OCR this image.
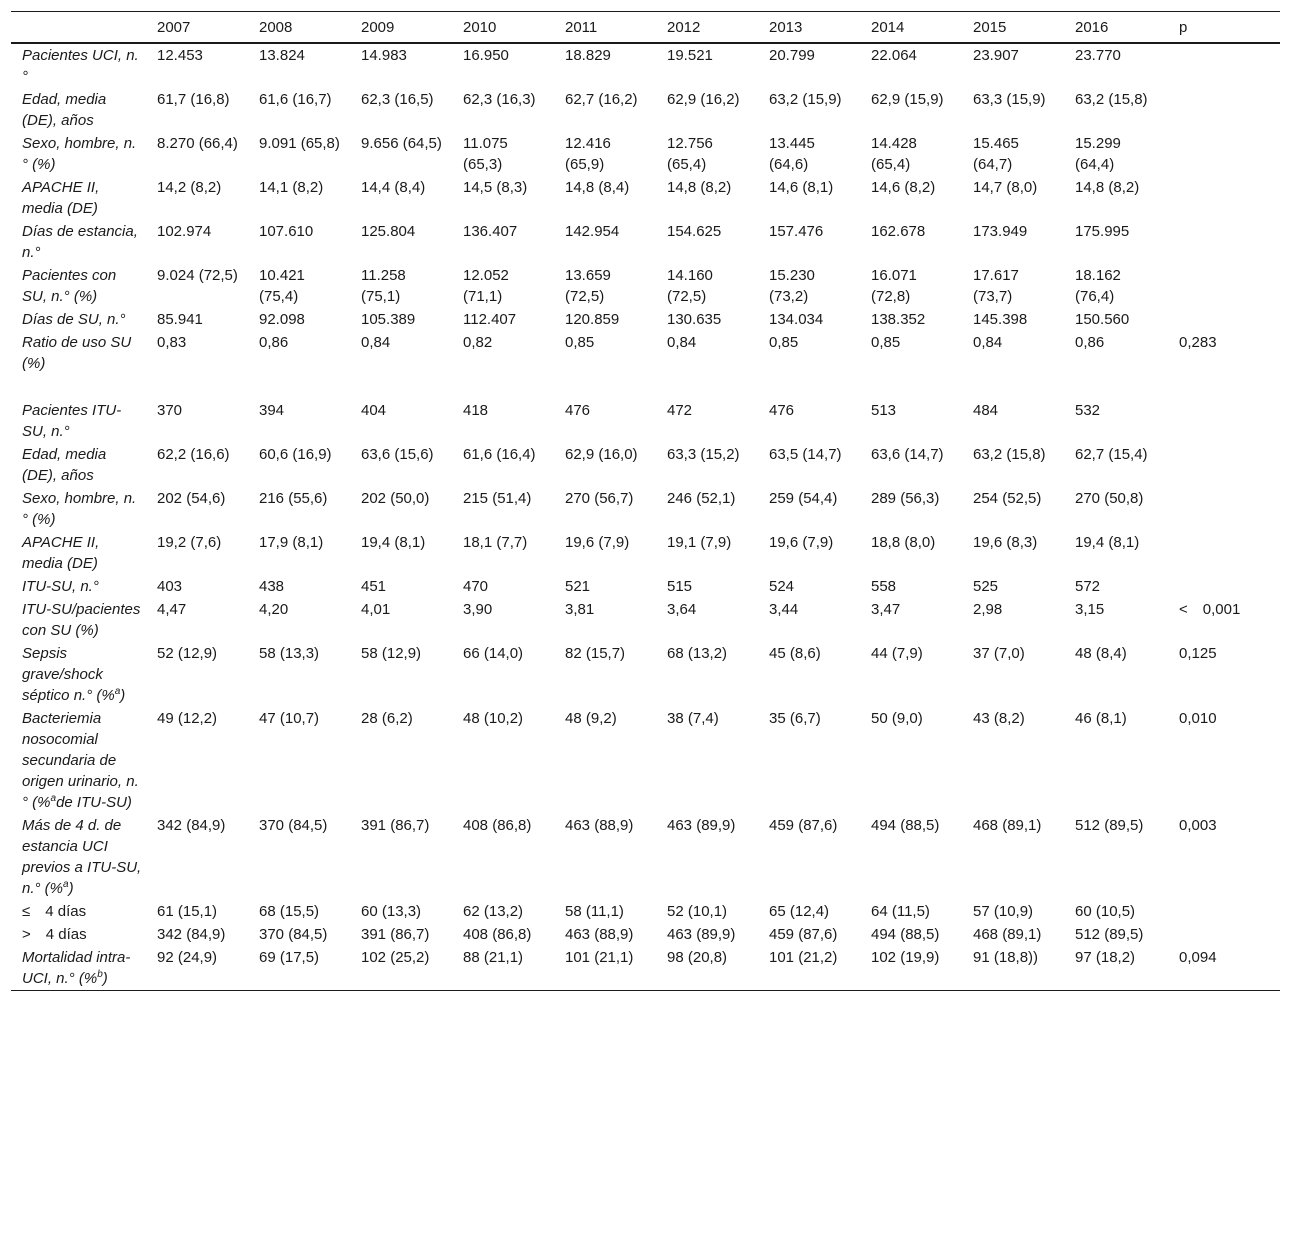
	2007	2008	2009	2010	2011	2012	2013	2014	2015	2016	p
Pacientes UCI, n.°	12.453	13.824	14.983	16.950	18.829	19.521	20.799	22.064	23.907	23.770	
Edad, media (DE), años	61,7 (16,8)	61,6 (16,7)	62,3 (16,5)	62,3 (16,3)	62,7 (16,2)	62,9 (16,2)	63,2 (15,9)	62,9 (15,9)	63,3 (15,9)	63,2 (15,8)	
Sexo, hombre, n.° (%)	8.270 (66,4)	9.091 (65,8)	9.656 (64,5)	11.075 (65,3)	12.416 (65,9)	12.756 (65,4)	13.445 (64,6)	14.428 (65,4)	15.465 (64,7)	15.299 (64,4)	
APACHE II, media (DE)	14,2 (8,2)	14,1 (8,2)	14,4 (8,4)	14,5 (8,3)	14,8 (8,4)	14,8 (8,2)	14,6 (8,1)	14,6 (8,2)	14,7 (8,0)	14,8 (8,2)	
Días de estancia, n.°	102.974	107.610	125.804	136.407	142.954	154.625	157.476	162.678	173.949	175.995	
Pacientes con SU, n.° (%)	9.024 (72,5)	10.421 (75,4)	11.258 (75,1)	12.052 (71,1)	13.659 (72,5)	14.160 (72,5)	15.230 (73,2)	16.071 (72,8)	17.617 (73,7)	18.162 (76,4)	
Días de SU, n.°	85.941	92.098	105.389	112.407	120.859	130.635	134.034	138.352	145.398	150.560	
Ratio de uso SU (%)	0,83	0,86	0,84	0,82	0,85	0,84	0,85	0,85	0,84	0,86	0,283

Pacientes ITU-SU, n.°	370	394	404	418	476	472	476	513	484	532	
Edad, media (DE), años	62,2 (16,6)	60,6 (16,9)	63,6 (15,6)	61,6 (16,4)	62,9 (16,0)	63,3 (15,2)	63,5 (14,7)	63,6 (14,7)	63,2 (15,8)	62,7 (15,4)	
Sexo, hombre, n.° (%)	202 (54,6)	216 (55,6)	202 (50,0)	215 (51,4)	270 (56,7)	246 (52,1)	259 (54,4)	289 (56,3)	254 (52,5)	270 (50,8)	
APACHE II, media (DE)	19,2 (7,6)	17,9 (8,1)	19,4 (8,1)	18,1 (7,7)	19,6 (7,9)	19,1 (7,9)	19,6 (7,9)	18,8 (8,0)	19,6 (8,3)	19,4 (8,1)	
ITU-SU, n.°	403	438	451	470	521	515	524	558	525	572	
ITU-SU/pacientes con SU (%)	4,47	4,20	4,01	3,90	3,81	3,64	3,44	3,47	2,98	3,15	< 0,001
Sepsis grave/shock séptico n.° (%$^a$)	52 (12,9)	58 (13,3)	58 (12,9)	66 (14,0)	82 (15,7)	68 (13,2)	45 (8,6)	44 (7,9)	37 (7,0)	48 (8,4)	0,125
Bacteriemia nosocomial secundaria de origen urinario, n.° (%$^a$de ITU-SU)	49 (12,2)	47 (10,7)	28 (6,2)	48 (10,2)	48 (9,2)	38 (7,4)	35 (6,7)	50 (9,0)	43 (8,2)	46 (8,1)	0,010
Más de 4 d. de estancia UCI previos a ITU-SU, n.° (%$^a$)	342 (84,9)	370 (84,5)	391 (86,7)	408 (86,8)	463 (88,9)	463 (89,9)	459 (87,6)	494 (88,5)	468 (89,1)	512 (89,5)	0,003
≤ 4 días	61 (15,1)	68 (15,5)	60 (13,3)	62 (13,2)	58 (11,1)	52 (10,1)	65 (12,4)	64 (11,5)	57 (10,9)	60 (10,5)	
> 4 días	342 (84,9)	370 (84,5)	391 (86,7)	408 (86,8)	463 (88,9)	463 (89,9)	459 (87,6)	494 (88,5)	468 (89,1)	512 (89,5)	
Mortalidad intra-UCI, n.° (%$^b$)	92 (24,9)	69 (17,5)	102 (25,2)	88 (21,1)	101 (21,1)	98 (20,8)	101 (21,2)	102 (19,9)	91 (18,8))	97 (18,2)	0,094
